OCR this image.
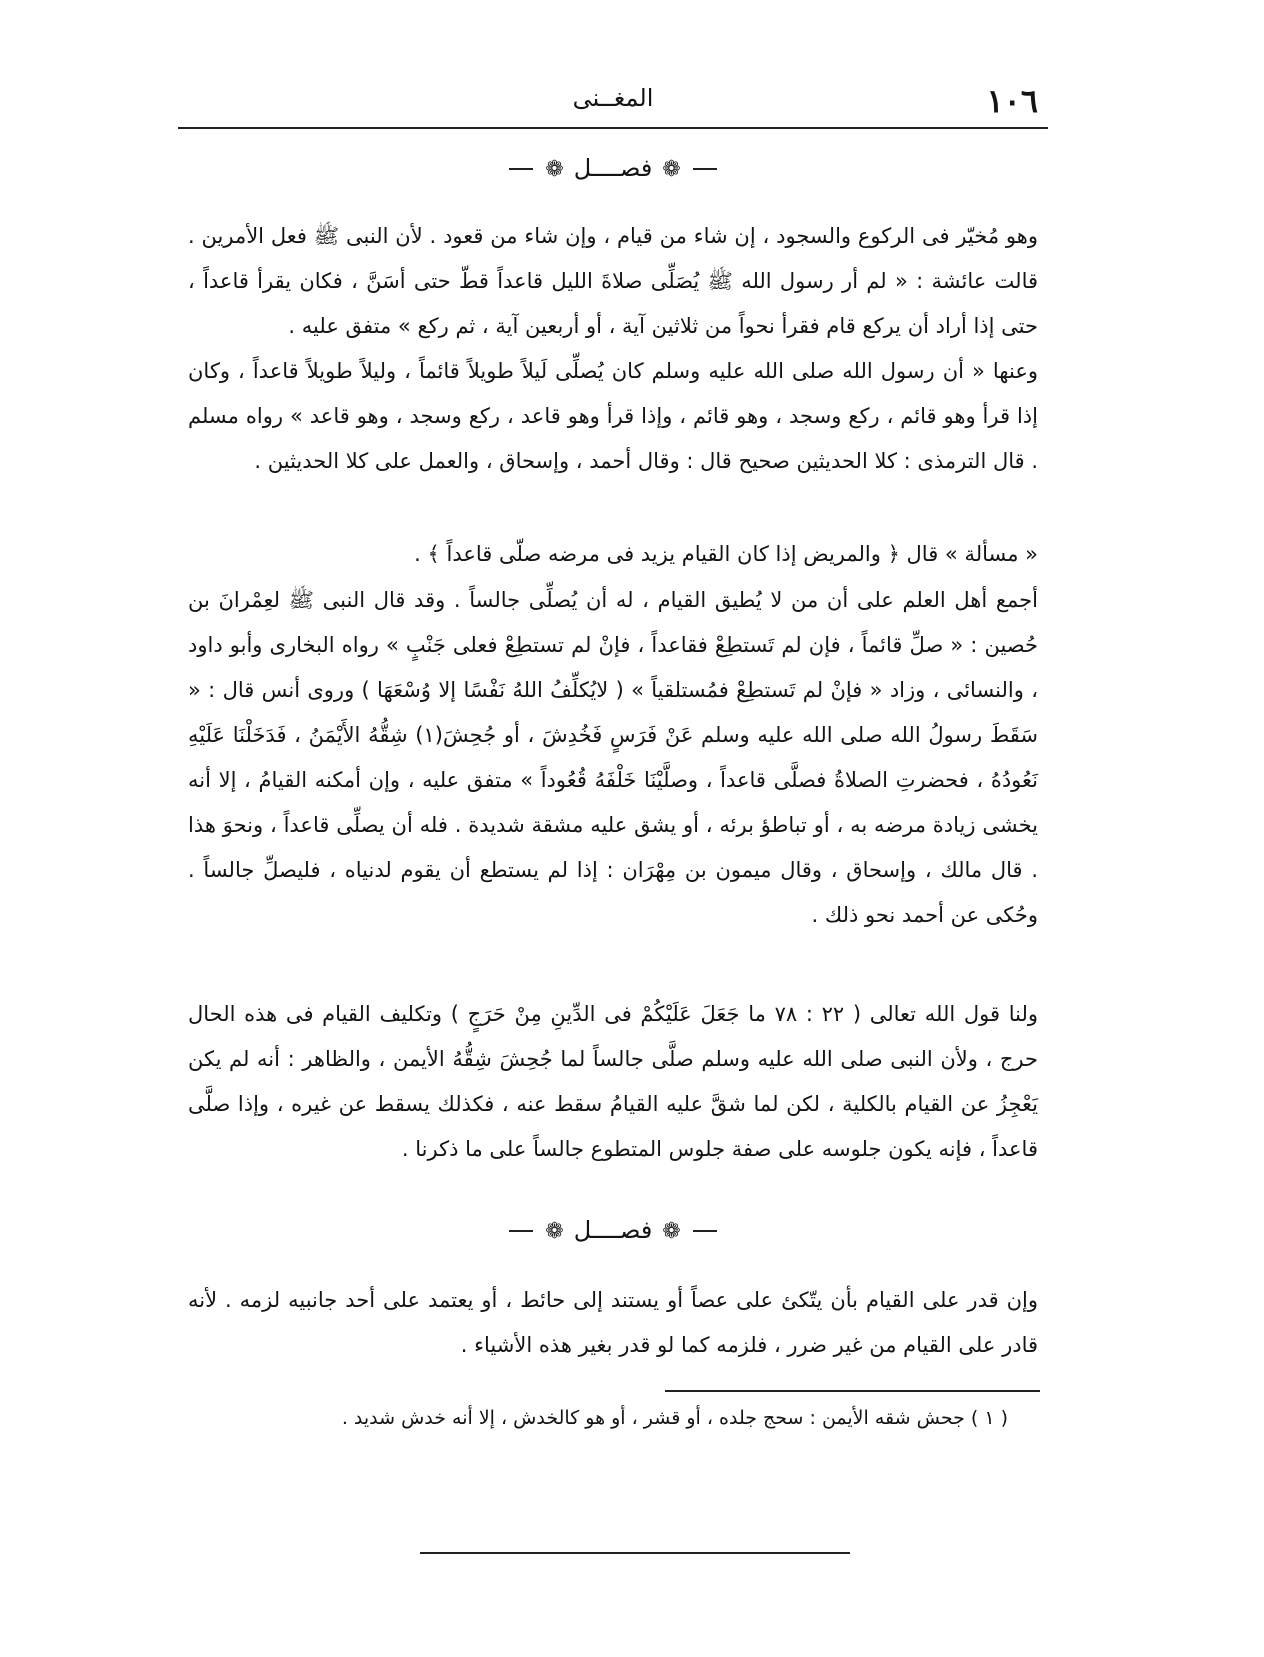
١٠٦
المغــنى
❁فصــــل❁

وهو مُخيّر فى الركوع والسجود ، إن شاء من قيام ، وإن شاء من قعود . لأن النبى ﷺ فعل الأمرين . قالت عائشة : « لم أر رسول الله ﷺ يُصَلِّى صلاةَ الليل قاعداً قطّ حتى أسَنَّ ، فكان يقرأ قاعداً ، حتى إذا أراد أن يركع قام فقرأ نحواً من ثلاثين آية ، أو أربعين آية ، ثم ركع » متفق عليه .

وعنها « أن رسول الله صلى الله عليه وسلم كان يُصلِّى لَيلاً طويلاً قائماً ، وليلاً طويلاً قاعداً ، وكان إذا قرأ وهو قائم ، ركع وسجد ، وهو قائم ، وإذا قرأ وهو قاعد ، ركع وسجد ، وهو قاعد » رواه مسلم . قال الترمذى : كلا الحديثين صحيح قال : وقال أحمد ، وإسحاق ، والعمل على كلا الحديثين .

« مسألة » قال ﴿ والمريض إذا كان القيام يزيد فى مرضه صلّى قاعداً ﴾ .

أجمع أهل العلم على أن من لا يُطيق القيام ، له أن يُصلِّى جالساً . وقد قال النبى ﷺ لعِمْرانَ بن حُصين : « صلِّ قائماً ، فإن لم تَستطِعْ فقاعداً ، فإنْ لم تستطِعْ فعلى جَنْبٍ » رواه البخارى وأبو داود ، والنسائى ، وزاد « فإنْ لم تَستطِعْ فمُستلقياً » ( لايُكلِّفُ اللهُ نَفْسًا إلا وُسْعَهَا ) وروى أنس قال : « سَقَطَ رسولُ الله صلى الله عليه وسلم عَنْ فَرَسٍ فَخُدِشَ ، أو جُحِشَ(١) شِقُّهُ الأَيْمَنُ ، فَدَخَلْنَا عَلَيْهِ نَعُودُهُ ، فحضرتِ الصلاةُ فصلَّى قاعداً ، وصلَّيْنَا خَلْفَهُ قُعُوداً » متفق عليه ، وإن أمكنه القيامُ ، إلا أنه يخشى زيادة مرضه به ، أو تباطؤ برئه ، أو يشق عليه مشقة شديدة . فله أن يصلِّى قاعداً ، ونحوَ هذا . قال مالك ، وإسحاق ، وقال ميمون بن مِهْرَان : إذا لم يستطع أن يقوم لدنياه ، فليصلِّ جالساً . وحُكى عن أحمد نحو ذلك .

ولنا قول الله تعالى ( ٢٢ : ٧٨ ما جَعَلَ عَلَيْكُمْ فى الدِّينِ مِنْ حَرَجٍ ) وتكليف القيام فى هذه الحال حرج ، ولأن النبى صلى الله عليه وسلم صلَّى جالساً لما جُحِشَ شِقُّهُ الأيمن ، والظاهر : أنه لم يكن يَعْجِزُ عن القيام بالكلية ، لكن لما شقَّ عليه القيامُ سقط عنه ، فكذلك يسقط عن غيره ، وإذا صلَّى قاعداً ، فإنه يكون جلوسه على صفة جلوس المتطوع جالساً على ما ذكرنا .

❁فصــــل❁

وإن قدر على القيام بأن يتّكئ على عصاً أو يستند إلى حائط ، أو يعتمد على أحد جانبيه لزمه . لأنه قادر على القيام من غير ضرر ، فلزمه كما لو قدر بغير هذه الأشياء .

( ١ ) جحش شقه الأيمن : سحج جلده ، أو قشر ، أو هو كالخدش ، إلا أنه خدش شديد .
